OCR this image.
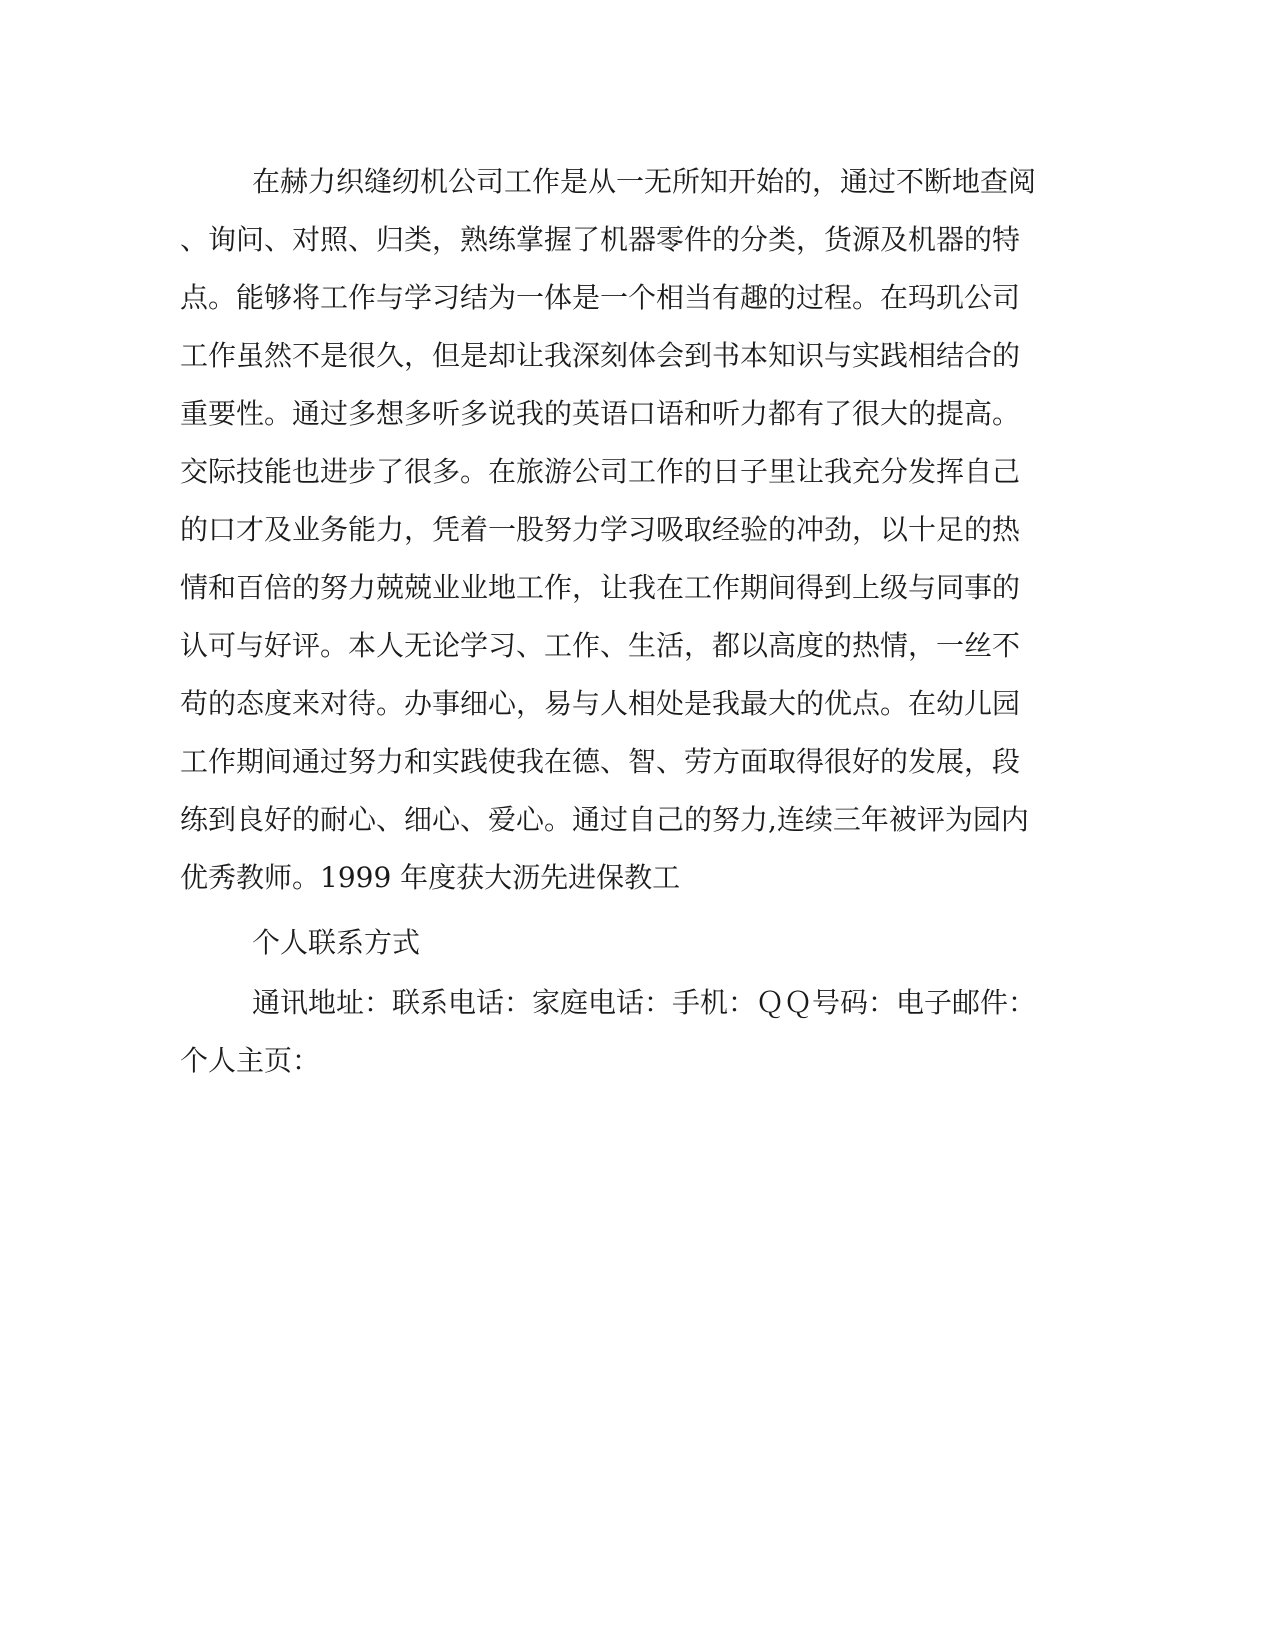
在赫力织缝纫机公司工作是从一无所知开始的，通过不断地查阅

、询问、对照、归类，熟练掌握了机器零件的分类，货源及机器的特

点。能够将工作与学习结为一体是一个相当有趣的过程。在玛玑公司

工作虽然不是很久，但是却让我深刻体会到书本知识与实践相结合的

重要性。通过多想多听多说我的英语口语和听力都有了很大的提高。

交际技能也进步了很多。在旅游公司工作的日子里让我充分发挥自己

的口才及业务能力，凭着一股努力学习吸取经验的冲劲，以十足的热

情和百倍的努力兢兢业业地工作，让我在工作期间得到上级与同事的

认可与好评。本人无论学习、工作、生活，都以高度的热情，一丝不

苟的态度来对待。办事细心，易与人相处是我最大的优点。在幼儿园

工作期间通过努力和实践使我在德、智、劳方面取得很好的发展，段

练到良好的耐心、细心、爱心。通过自己的努力,连续三年被评为园内

优秀教师。1999 年度获大沥先进保教工

个人联系方式

通讯地址：联系电话：家庭电话：手机：ＱＱ号码：电子邮件：

个人主页：
